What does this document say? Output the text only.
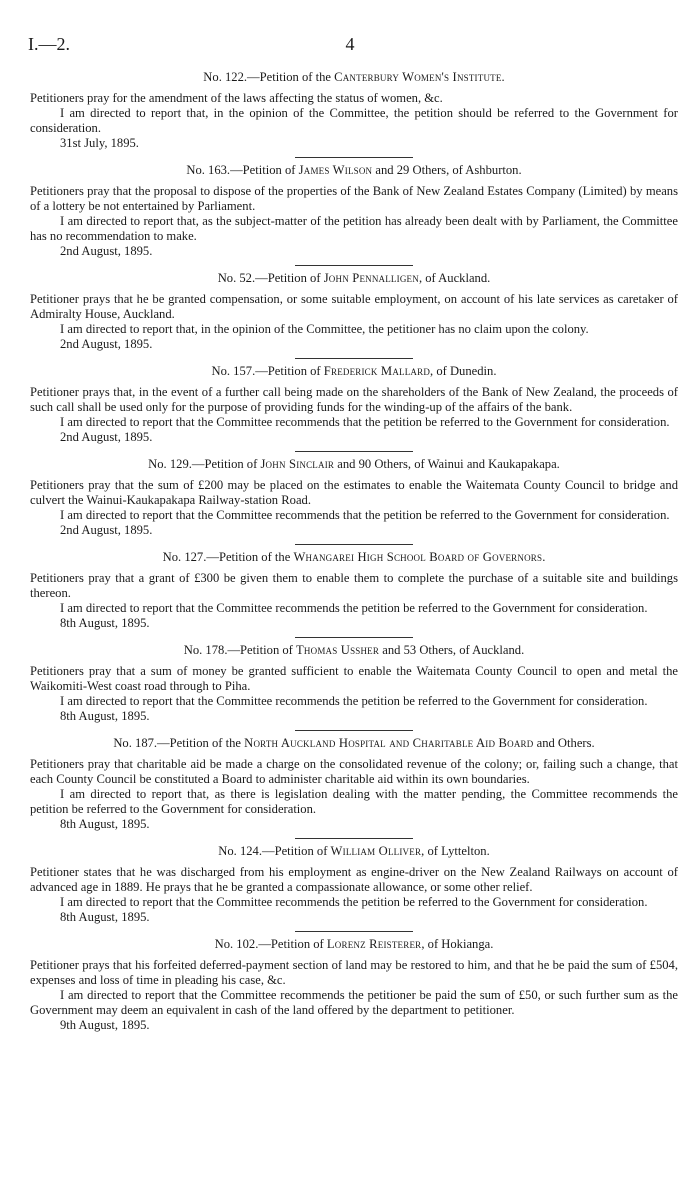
I.—2.	4
No. 122.—Petition of the Canterbury Women's Institute.

Petitioners pray for the amendment of the laws affecting the status of women, &c.

I am directed to report that, in the opinion of the Committee, the petition should be referred to the Government for consideration.

31st July, 1895.
No. 163.—Petition of James Wilson and 29 Others, of Ashburton.

Petitioners pray that the proposal to dispose of the properties of the Bank of New Zealand Estates Company (Limited) by means of a lottery be not entertained by Parliament.

I am directed to report that, as the subject-matter of the petition has already been dealt with by Parliament, the Committee has no recommendation to make.

2nd August, 1895.
No. 52.—Petition of John Pennalligen, of Auckland.

Petitioner prays that he be granted compensation, or some suitable employment, on account of his late services as caretaker of Admiralty House, Auckland.

I am directed to report that, in the opinion of the Committee, the petitioner has no claim upon the colony.

2nd August, 1895.
No. 157.—Petition of Frederick Mallard, of Dunedin.

Petitioner prays that, in the event of a further call being made on the shareholders of the Bank of New Zealand, the proceeds of such call shall be used only for the purpose of providing funds for the winding-up of the affairs of the bank.

I am directed to report that the Committee recommends that the petition be referred to the Government for consideration.

2nd August, 1895.
No. 129.—Petition of John Sinclair and 90 Others, of Wainui and Kaukapakapa.

Petitioners pray that the sum of £200 may be placed on the estimates to enable the Waitemata County Council to bridge and culvert the Wainui-Kaukapakapa Railway-station Road.

I am directed to report that the Committee recommends that the petition be referred to the Government for consideration.

2nd August, 1895.
No. 127.—Petition of the Whangarei High School Board of Governors.

Petitioners pray that a grant of £300 be given them to enable them to complete the purchase of a suitable site and buildings thereon.

I am directed to report that the Committee recommends the petition be referred to the Government for consideration.

8th August, 1895.
No. 178.—Petition of Thomas Ussher and 53 Others, of Auckland.

Petitioners pray that a sum of money be granted sufficient to enable the Waitemata County Council to open and metal the Waikomiti-West coast road through to Piha.

I am directed to report that the Committee recommends the petition be referred to the Government for consideration.

8th August, 1895.
No. 187.—Petition of the North Auckland Hospital and Charitable Aid Board and Others.

Petitioners pray that charitable aid be made a charge on the consolidated revenue of the colony; or, failing such a change, that each County Council be constituted a Board to administer charitable aid within its own boundaries.

I am directed to report that, as there is legislation dealing with the matter pending, the Committee recommends the petition be referred to the Government for consideration.

8th August, 1895.
No. 124.—Petition of William Olliver, of Lyttelton.

Petitioner states that he was discharged from his employment as engine-driver on the New Zealand Railways on account of advanced age in 1889. He prays that he be granted a compassionate allowance, or some other relief.

I am directed to report that the Committee recommends the petition be referred to the Government for consideration.

8th August, 1895.
No. 102.—Petition of Lorenz Reisterer, of Hokianga.

Petitioner prays that his forfeited deferred-payment section of land may be restored to him, and that he be paid the sum of £504, expenses and loss of time in pleading his case, &c.

I am directed to report that the Committee recommends the petitioner be paid the sum of £50, or such further sum as the Government may deem an equivalent in cash of the land offered by the department to petitioner.

9th August, 1895.
